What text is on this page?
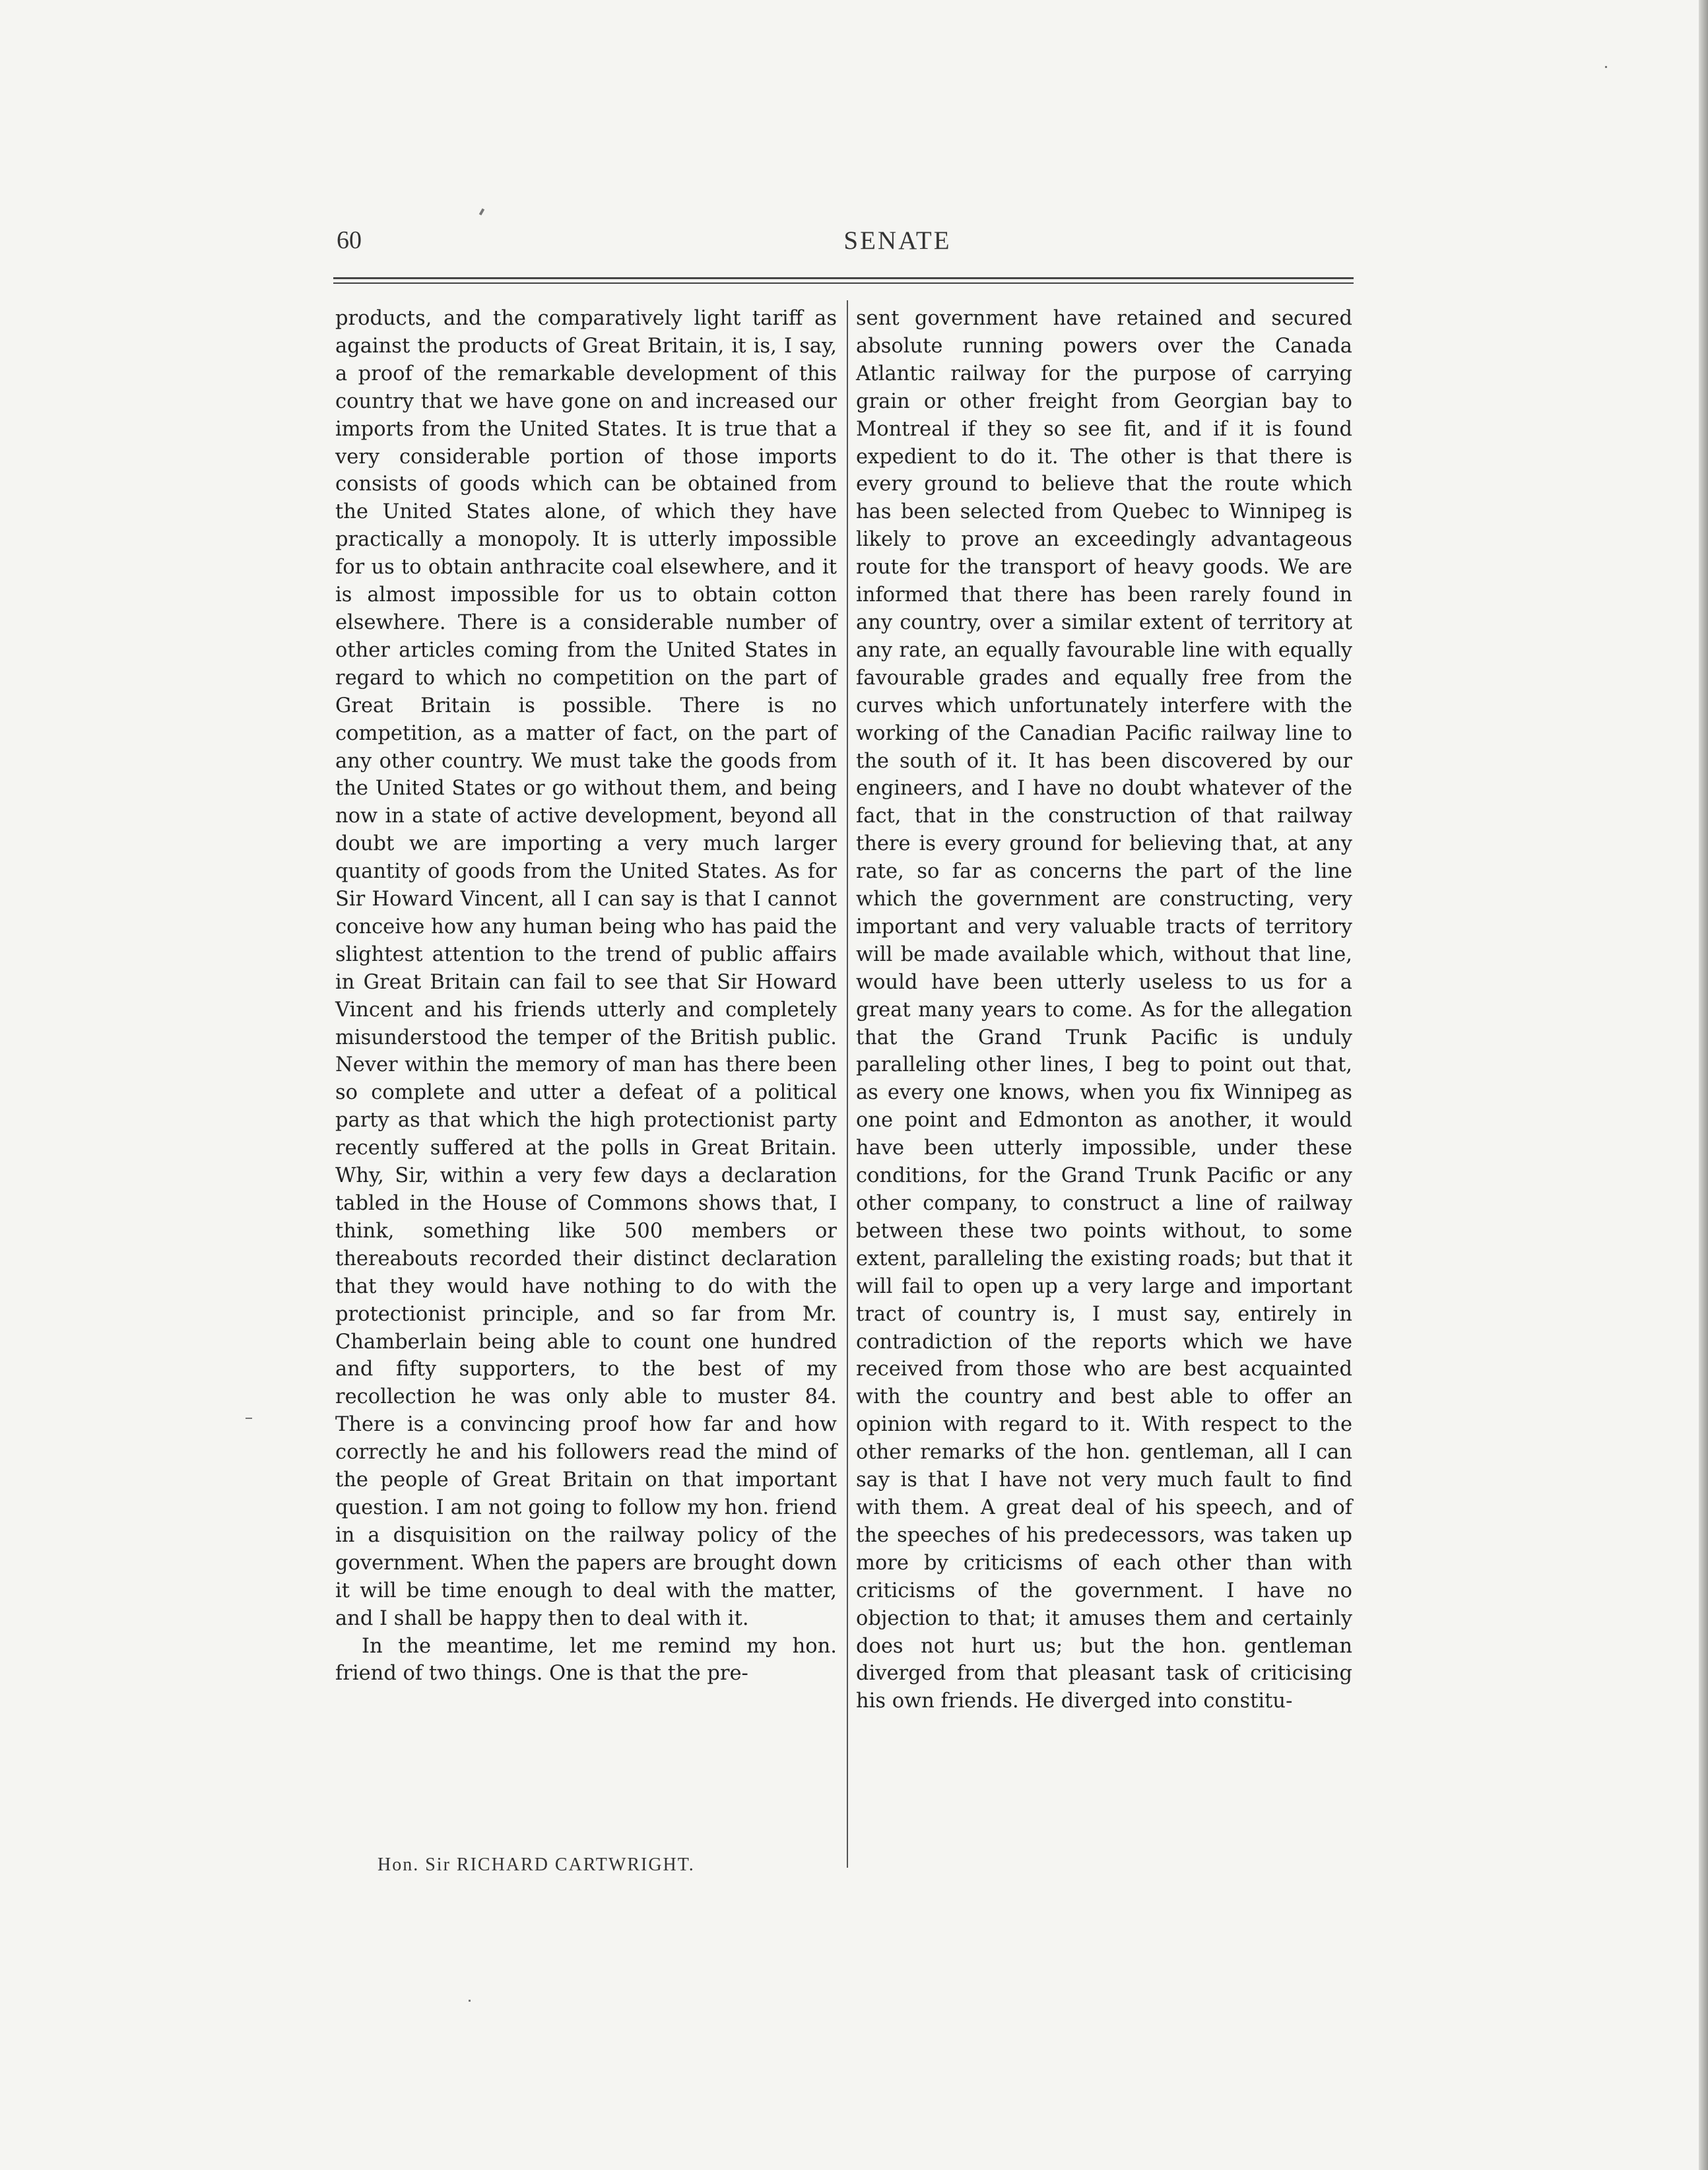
60	SENATE

products, and the comparatively light tariff as against the products of Great Britain, it is, I say, a proof of the remarkable development of this country that we have gone on and increased our imports from the United States. It is true that a very considerable portion of those imports consists of goods which can be obtained from the United States alone, of which they have practically a monopoly. It is utterly impossible for us to obtain anthracite coal elsewhere, and it is almost impossible for us to obtain cotton elsewhere. There is a considerable number of other articles coming from the United States in regard to which no competition on the part of Great Britain is possible. There is no competition, as a matter of fact, on the part of any other country. We must take the goods from the United States or go without them, and being now in a state of active development, beyond all doubt we are importing a very much larger quantity of goods from the United States. As for Sir Howard Vincent, all I can say is that I cannot conceive how any human being who has paid the slightest attention to the trend of public affairs in Great Britain can fail to see that Sir Howard Vincent and his friends utterly and completely misunderstood the temper of the British public. Never within the memory of man has there been so complete and utter a defeat of a political party as that which the high protectionist party recently suffered at the polls in Great Britain. Why, Sir, within a very few days a declaration tabled in the House of Commons shows that, I think, something like 500 members or thereabouts recorded their distinct declaration that they would have nothing to do with the protectionist principle, and so far from Mr. Chamberlain being able to count one hundred and fifty supporters, to the best of my recollection he was only able to muster 84. There is a convincing proof how far and how correctly he and his followers read the mind of the people of Great Britain on that important question. I am not going to follow my hon. friend in a disquisition on the railway policy of the government. When the papers are brought down it will be time enough to deal with the matter, and I shall be happy then to deal with it.

In the meantime, let me remind my hon. friend of two things. One is that the pre-

sent government have retained and secured absolute running powers over the Canada Atlantic railway for the purpose of carrying grain or other freight from Georgian bay to Montreal if they so see fit, and if it is found expedient to do it. The other is that there is every ground to believe that the route which has been selected from Quebec to Winnipeg is likely to prove an exceedingly advantageous route for the transport of heavy goods. We are informed that there has been rarely found in any country, over a similar extent of territory at any rate, an equally favourable line with equally favourable grades and equally free from the curves which unfortunately interfere with the working of the Canadian Pacific railway line to the south of it. It has been discovered by our engineers, and I have no doubt whatever of the fact, that in the construction of that railway there is every ground for believing that, at any rate, so far as concerns the part of the line which the government are constructing, very important and very valuable tracts of territory will be made available which, without that line, would have been utterly useless to us for a great many years to come. As for the allegation that the Grand Trunk Pacific is unduly paralleling other lines, I beg to point out that, as every one knows, when you fix Winnipeg as one point and Edmonton as another, it would have been utterly impossible, under these conditions, for the Grand Trunk Pacific or any other company, to construct a line of railway between these two points without, to some extent, paralleling the existing roads; but that it will fail to open up a very large and important tract of country is, I must say, entirely in contradiction of the reports which we have received from those who are best acquainted with the country and best able to offer an opinion with regard to it. With respect to the other remarks of the hon. gentleman, all I can say is that I have not very much fault to find with them. A great deal of his speech, and of the speeches of his predecessors, was taken up more by criticisms of each other than with criticisms of the government. I have no objection to that; it amuses them and certainly does not hurt us; but the hon. gentleman diverged from that pleasant task of criticising his own friends. He diverged into constitu-

Hon. Sir RICHARD CARTWRIGHT.
